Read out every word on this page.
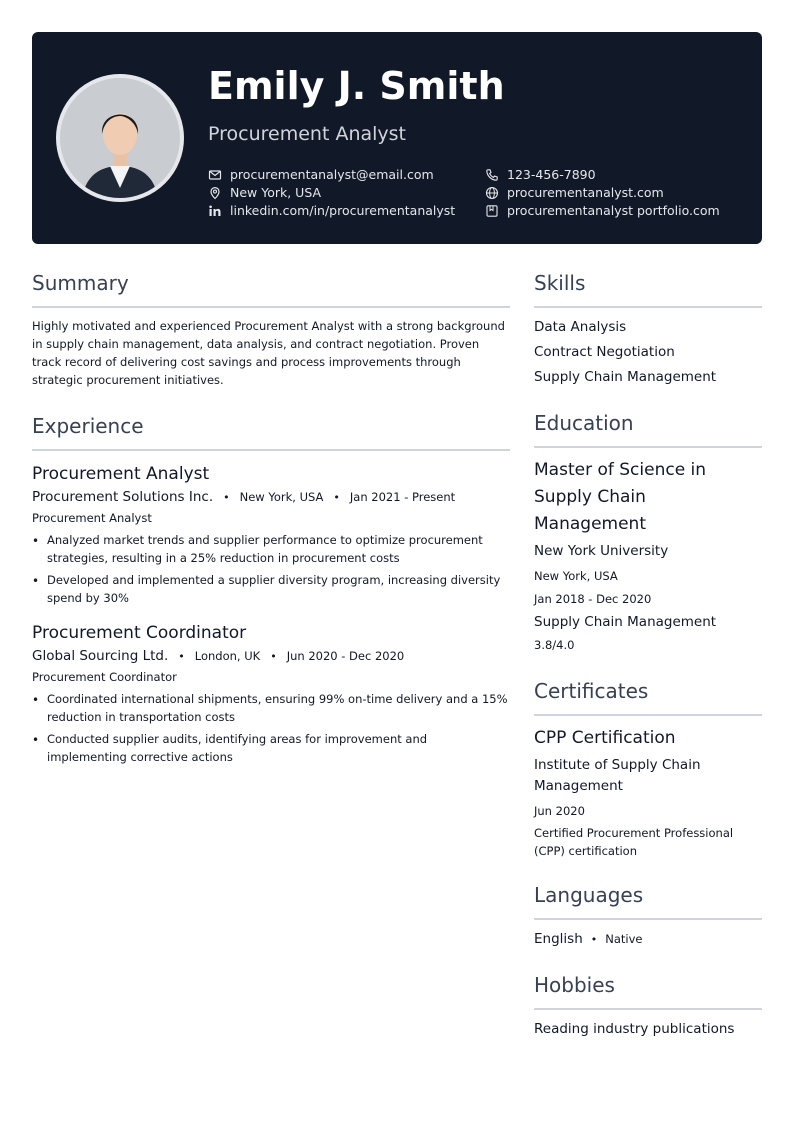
Emily J. Smith
Procurement Analyst
procurementanalyst@email.com	123-456-7890
New York, USA	procurementanalyst.com
linkedin.com/in/procurementanalyst	procurementanalyst portfolio.com
Summary

Highly motivated and experienced Procurement Analyst with a strong background in supply chain management, data analysis, and contract negotiation. Proven track record of delivering cost savings and process improvements through strategic procurement initiatives.

Experience
Procurement Analyst
Procurement Solutions Inc. • New York, USA • Jan 2021 - Present
Procurement Analyst
• Analyzed market trends and supplier performance to optimize procurement strategies, resulting in a 25% reduction in procurement costs
• Developed and implemented a supplier diversity program, increasing diversity spend by 30%
Procurement Coordinator
Global Sourcing Ltd. • London, UK • Jun 2020 - Dec 2020
Procurement Coordinator
• Coordinated international shipments, ensuring 99% on-time delivery and a 15% reduction in transportation costs
• Conducted supplier audits, identifying areas for improvement and implementing corrective actions
Skills
Data Analysis
Contract Negotiation
Supply Chain Management
Education
Master of Science in Supply Chain Management
New York University
New York, USA
Jan 2018 - Dec 2020
Supply Chain Management
3.8/4.0
Certificates
CPP Certification
Institute of Supply Chain Management
Jun 2020
Certified Procurement Professional (CPP) certification
Languages
English • Native
Hobbies
Reading industry publications
